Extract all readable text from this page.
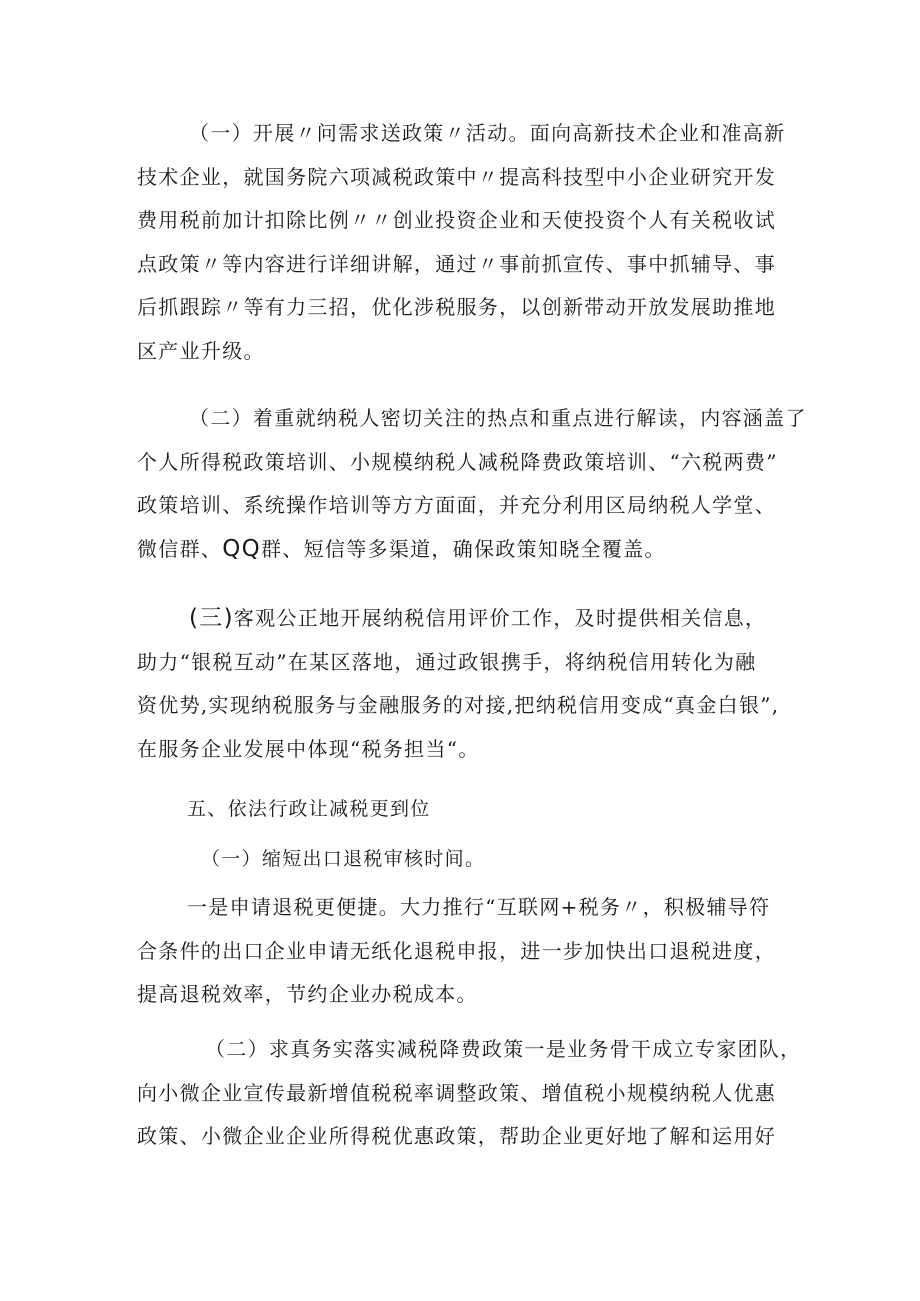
（一）开展〃问需求送政策〃活动。面向高新技术企业和准高新
技术企业，就国务院六项减税政策中〃提高科技型中小企业研究开发
费用税前加计扣除比例〃〃创业投资企业和天使投资个人有关税收试
点政策〃等内容进行详细讲解，通过〃事前抓宣传、事中抓辅导、事
后抓跟踪〃等有力三招，优化涉税服务，以创新带动开放发展助推地
区产业升级。
（二）着重就纳税人密切关注的热点和重点进行解读，内容涵盖了
个人所得税政策培训、小规模纳税人减税降费政策培训、“六税两费”
政策培训、系统操作培训等方方面面，并充分利用区局纳税人学堂、
微信群、QQ群、短信等多渠道，确保政策知晓全覆盖。
(三)客观公正地开展纳税信用评价工作，及时提供相关信息，
助力“银税互动”在某区落地，通过政银携手，将纳税信用转化为融
资优势,实现纳税服务与金融服务的对接,把纳税信用变成“真金白银”,
在服务企业发展中体现“税务担当“。
五、依法行政让减税更到位
（一）缩短出口退税审核时间。
一是申请退税更便捷。大力推行“互联网+税务〃，积极辅导符
合条件的出口企业申请无纸化退税申报，进一步加快出口退税进度，
提高退税效率，节约企业办税成本。
（二）求真务实落实减税降费政策一是业务骨干成立专家团队，
向小微企业宣传最新增值税税率调整政策、增值税小规模纳税人优惠
政策、小微企业企业所得税优惠政策，帮助企业更好地了解和运用好
